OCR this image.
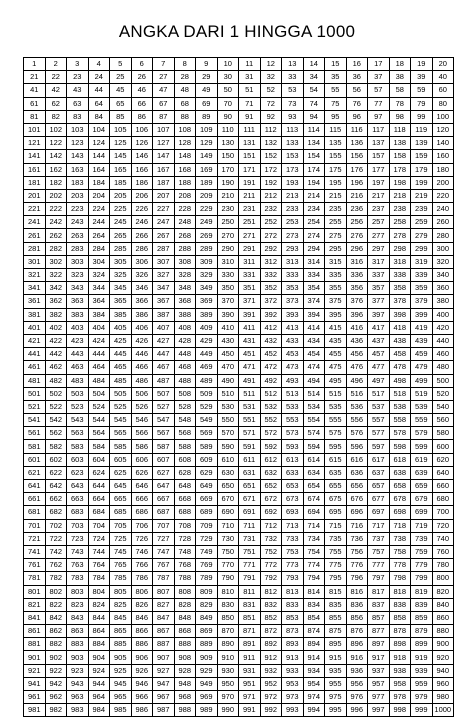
ANGKA DARI 1 HINGGA 1000
1	2	3	4	5	6	7	8	9	10	11	12	13	14	15	16	17	18	19	20
21	22	23	24	25	26	27	28	29	30	31	32	33	34	35	36	37	38	39	40
41	42	43	44	45	46	47	48	49	50	51	52	53	54	55	56	57	58	59	60
61	62	63	64	65	66	67	68	69	70	71	72	73	74	75	76	77	78	79	80
81	82	83	84	85	86	87	88	89	90	91	92	93	94	95	96	97	98	99	100
101	102	103	104	105	106	107	108	109	110	111	112	113	114	115	116	117	118	119	120
121	122	123	124	125	126	127	128	129	130	131	132	133	134	135	136	137	138	139	140
141	142	143	144	145	146	147	148	149	150	151	152	153	154	155	156	157	158	159	160
161	162	163	164	165	166	167	168	169	170	171	172	173	174	175	176	177	178	179	180
181	182	183	184	185	186	187	188	189	190	191	192	193	194	195	196	197	198	199	200
201	202	203	204	205	206	207	208	209	210	211	212	213	214	215	216	217	218	219	220
221	222	223	224	225	226	227	228	229	230	231	232	233	234	235	236	237	238	239	240
241	242	243	244	245	246	247	248	249	250	251	252	253	254	255	256	257	258	259	260
261	262	263	264	265	266	267	268	269	270	271	272	273	274	275	276	277	278	279	280
281	282	283	284	285	286	287	288	289	290	291	292	293	294	295	296	297	298	299	300
301	302	303	304	305	306	307	308	309	310	311	312	313	314	315	316	317	318	319	320
321	322	323	324	325	326	327	328	329	330	331	332	333	334	335	336	337	338	339	340
341	342	343	344	345	346	347	348	349	350	351	352	353	354	355	356	357	358	359	360
361	362	363	364	365	366	367	368	369	370	371	372	373	374	375	376	377	378	379	380
381	382	383	384	385	386	387	388	389	390	391	392	393	394	395	396	397	398	399	400
401	402	403	404	405	406	407	408	409	410	411	412	413	414	415	416	417	418	419	420
421	422	423	424	425	426	427	428	429	430	431	432	433	434	435	436	437	438	439	440
441	442	443	444	445	446	447	448	449	450	451	452	453	454	455	456	457	458	459	460
461	462	463	464	465	466	467	468	469	470	471	472	473	474	475	476	477	478	479	480
481	482	483	484	485	486	487	488	489	490	491	492	493	494	495	496	497	498	499	500
501	502	503	504	505	506	507	508	509	510	511	512	513	514	515	516	517	518	519	520
521	522	523	524	525	526	527	528	529	530	531	532	533	534	535	536	537	538	539	540
541	542	543	544	545	546	547	548	549	550	551	552	553	554	555	556	557	558	559	560
561	562	563	564	565	566	567	568	569	570	571	572	573	574	575	576	577	578	579	580
581	582	583	584	585	586	587	588	589	590	591	592	593	594	595	596	597	598	599	600
601	602	603	604	605	606	607	608	609	610	611	612	613	614	615	616	617	618	619	620
621	622	623	624	625	626	627	628	629	630	631	632	633	634	635	636	637	638	639	640
641	642	643	644	645	646	647	648	649	650	651	652	653	654	655	656	657	658	659	660
661	662	663	664	665	666	667	668	669	670	671	672	673	674	675	676	677	678	679	680
681	682	683	684	685	686	687	688	689	690	691	692	693	694	695	696	697	698	699	700
701	702	703	704	705	706	707	708	709	710	711	712	713	714	715	716	717	718	719	720
721	722	723	724	725	726	727	728	729	730	731	732	733	734	735	736	737	738	739	740
741	742	743	744	745	746	747	748	749	750	751	752	753	754	755	756	757	758	759	760
761	762	763	764	765	766	767	768	769	770	771	772	773	774	775	776	777	778	779	780
781	782	783	784	785	786	787	788	789	790	791	792	793	794	795	796	797	798	799	800
801	802	803	804	805	806	807	808	809	810	811	812	813	814	815	816	817	818	819	820
821	822	823	824	825	826	827	828	829	830	831	832	833	834	835	836	837	838	839	840
841	842	843	844	845	846	847	848	849	850	851	852	853	854	855	856	857	858	859	860
861	862	863	864	865	866	867	868	869	870	871	872	873	874	875	876	877	878	879	880
881	882	883	884	885	886	887	888	889	890	891	892	893	894	895	896	897	898	899	900
901	902	903	904	905	906	907	908	909	910	911	912	913	914	915	916	917	918	919	920
921	922	923	924	925	926	927	928	929	930	931	932	933	934	935	936	937	938	939	940
941	942	943	944	945	946	947	948	949	950	951	952	953	954	955	956	957	958	959	960
961	962	963	964	965	966	967	968	969	970	971	972	973	974	975	976	977	978	979	980
981	982	983	984	985	986	987	988	989	990	991	992	993	994	995	996	997	998	999	1000
